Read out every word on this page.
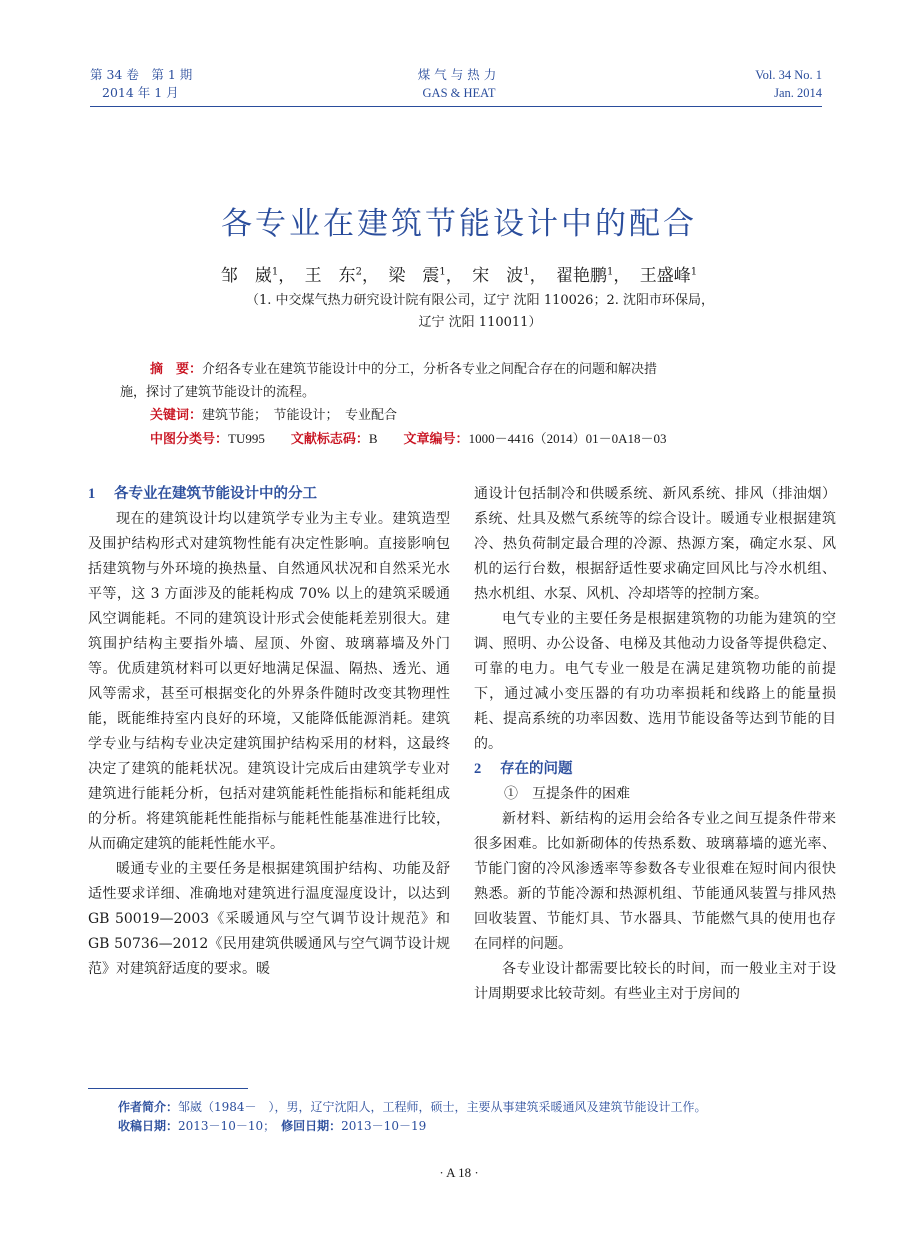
第 34 卷　第 1 期
2014 年 1 月
煤气与热力
GAS & HEAT
Vol. 34 No. 1
Jan. 2014
各专业在建筑节能设计中的配合
邹　崴$^1$， 王　东$^2$， 梁　震$^1$， 宋　波$^1$， 翟艳鹏$^1$， 王盛峰$^1$
（1. 中交煤气热力研究设计院有限公司，辽宁 沈阳 110026；2. 沈阳市环保局，
辽宁 沈阳 110011）
摘　要：介绍各专业在建筑节能设计中的分工，分析各专业之间配合存在的问题和解决措
施，探讨了建筑节能设计的流程。
关键词：建筑节能；　节能设计；　专业配合
中图分类号：TU995 文献标志码：B 文章编号：1000－4416（2014）01－0A18－03
1 各专业在建筑节能设计中的分工

现在的建筑设计均以建筑学专业为主专业。建筑造型及围护结构形式对建筑物性能有决定性影响。直接影响包括建筑物与外环境的换热量、自然通风状况和自然采光水平等，这 3 方面涉及的能耗构成 70% 以上的建筑采暖通风空调能耗。不同的建筑设计形式会使能耗差别很大。建筑围护结构主要指外墙、屋顶、外窗、玻璃幕墙及外门等。优质建筑材料可以更好地满足保温、隔热、透光、通风等需求，甚至可根据变化的外界条件随时改变其物理性能，既能维持室内良好的环境，又能降低能源消耗。建筑学专业与结构专业决定建筑围护结构采用的材料，这最终决定了建筑的能耗状况。建筑设计完成后由建筑学专业对建筑进行能耗分析，包括对建筑能耗性能指标和能耗组成的分析。将建筑能耗性能指标与能耗性能基准进行比较，从而确定建筑的能耗性能水平。

暖通专业的主要任务是根据建筑围护结构、功能及舒适性要求详细、准确地对建筑进行温度湿度设计，以达到 GB 50019—2003《采暖通风与空气调节设计规范》和 GB 50736—2012《民用建筑供暖通风与空气调节设计规范》对建筑舒适度的要求。暖

通设计包括制冷和供暖系统、新风系统、排风（排油烟）系统、灶具及燃气系统等的综合设计。暖通专业根据建筑冷、热负荷制定最合理的冷源、热源方案，确定水泵、风机的运行台数，根据舒适性要求确定回风比与冷水机组、热水机组、水泵、风机、冷却塔等的控制方案。

电气专业的主要任务是根据建筑物的功能为建筑的空调、照明、办公设备、电梯及其他动力设备等提供稳定、可靠的电力。电气专业一般是在满足建筑物功能的前提下，通过减小变压器的有功功率损耗和线路上的能量损耗、提高系统的功率因数、选用节能设备等达到节能的目的。

2 存在的问题
①　互提条件的困难

新材料、新结构的运用会给各专业之间互提条件带来很多困难。比如新砌体的传热系数、玻璃幕墙的遮光率、节能门窗的冷风渗透率等参数各专业很难在短时间内很快熟悉。新的节能冷源和热源机组、节能通风装置与排风热回收装置、节能灯具、节水器具、节能燃气具的使用也存在同样的问题。

各专业设计都需要比较长的时间，而一般业主对于设计周期要求比较苛刻。有些业主对于房间的

作者简介：邹崴（1984－　），男，辽宁沈阳人，工程师，硕士，主要从事建筑采暖通风及建筑节能设计工作。
收稿日期：2013－10－10；　 修回日期：2013－10－19
· A 18 ·
